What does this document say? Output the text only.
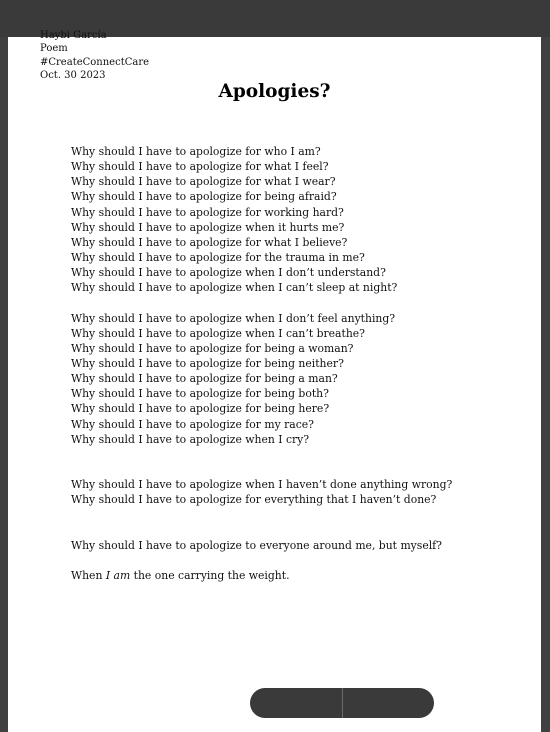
Haybi García
Poem
#CreateConnectCare
Oct. 30 2023
Apologies?
Why should I have to apologize for who I am?
Why should I have to apologize for what I feel?
Why should I have to apologize for what I wear?
Why should I have to apologize for being afraid?
Why should I have to apologize for working hard?
Why should I have to apologize when it hurts me?
Why should I have to apologize for what I believe?
Why should I have to apologize for the trauma in me?
Why should I have to apologize when I don’t understand?
Why should I have to apologize when I can’t sleep at night?
Why should I have to apologize when I don’t feel anything?
Why should I have to apologize when I can’t breathe?
Why should I have to apologize for being a woman?
Why should I have to apologize for being neither?
Why should I have to apologize for being a man?
Why should I have to apologize for being both?
Why should I have to apologize for being here?
Why should I have to apologize for my race?
Why should I have to apologize when I cry?
Why should I have to apologize when I haven’t done anything wrong?
Why should I have to apologize for everything that I haven’t done?
Why should I have to apologize to everyone around me, but myself?
When I am the one carrying the weight.
